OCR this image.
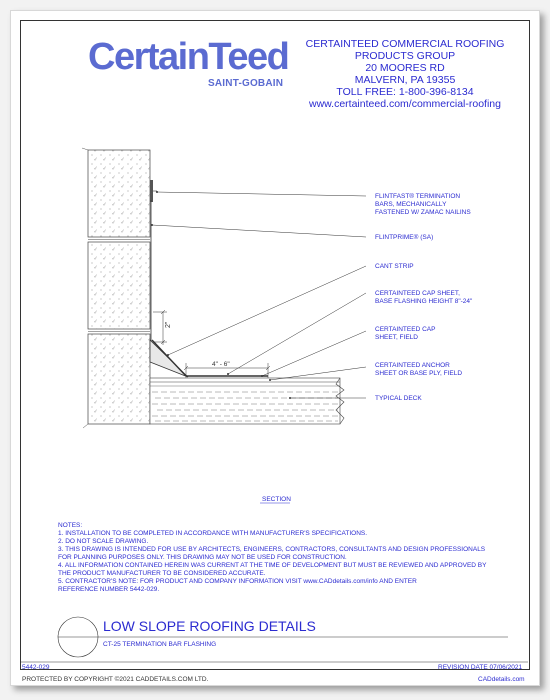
CertainTeed
SAINT-GOBAIN
CERTAINTEED COMMERCIAL ROOFING
PRODUCTS GROUP
20 MOORES RD
MALVERN, PA 19355
TOLL FREE: 1-800-396-8134
www.certainteed.com/commercial-roofing
2"
4" - 6"
FLINTFAST® TERMINATION
BARS, MECHANICALLY
FASTENED W/ ZAMAC NAILINS
FLINTPRIME® (SA)
CANT STRIP
CERTAINTEED CAP SHEET,
BASE FLASHING HEIGHT 8"-24"
CERTAINTEED CAP
SHEET, FIELD
CERTAINTEED ANCHOR
SHEET OR BASE PLY, FIELD
TYPICAL DECK
SECTION
NOTES:
1. INSTALLATION TO BE COMPLETED IN ACCORDANCE WITH MANUFACTURER'S SPECIFICATIONS.
2. DO NOT SCALE DRAWING.
3. THIS DRAWING IS INTENDED FOR USE BY ARCHITECTS, ENGINEERS, CONTRACTORS, CONSULTANTS AND DESIGN PROFESSIONALS
FOR PLANNING PURPOSES ONLY. THIS DRAWING MAY NOT BE USED FOR CONSTRUCTION.
4. ALL INFORMATION CONTAINED HEREIN WAS CURRENT AT THE TIME OF DEVELOPMENT BUT MUST BE REVIEWED AND APPROVED BY
THE PRODUCT MANUFACTURER TO BE CONSIDERED ACCURATE.
5. CONTRACTOR'S NOTE: FOR PRODUCT AND COMPANY INFORMATION VISIT www.CADdetails.com/info AND ENTER
REFERENCE NUMBER 5442-029.
LOW SLOPE ROOFING DETAILS
CT-25 TERMINATION BAR FLASHING
5442-029	REVISION DATE 07/06/2021
PROTECTED BY COPYRIGHT ©2021 CADDETAILS.COM LTD.	CADdetails.com
